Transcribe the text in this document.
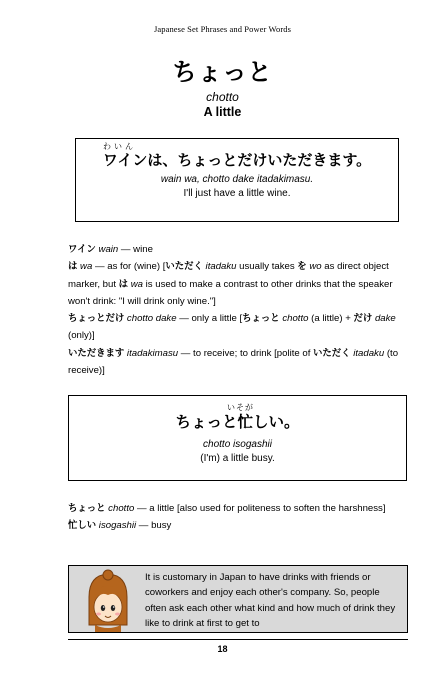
Japanese Set Phrases and Power Words
ちょっと
chotto
A little
わいん
ワインは、ちょっとだけいただきます。
wain wa, chotto dake itadakimasu.
I'll just have a little wine.
ワイン wain — wine
は wa — as for (wine) [いただく itadaku usually takes を wo as direct object marker, but は wa is used to make a contrast to other drinks that the speaker won't drink: "I will drink only wine."]
ちょっとだけ chotto dake — only a little [ちょっと chotto (a little) + だけ dake (only)]
いただきます itadakimasu — to receive; to drink [polite of いただく itadaku (to receive)]
いそが
ちょっと忙しい。
chotto isogashii
(I'm) a little busy.
ちょっと chotto — a little [also used for politeness to soften the harshness]
忙しい isogashii — busy
It is customary in Japan to have drinks with friends or coworkers and enjoy each other's company. So, people often ask each other what kind and how much of drink they like to drink at first to get to
18
